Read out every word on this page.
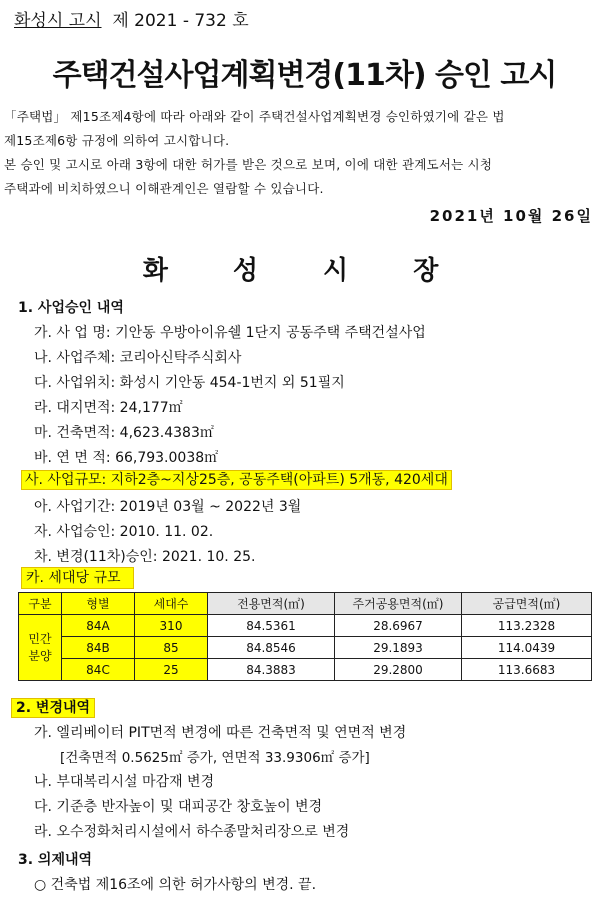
화성시 고시 제 2021 - 732 호
주택건설사업계획변경(11차) 승인 고시
「주택법」 제15조제4항에 따라 아래와 같이 주택건설사업계획변경 승인하였기에 같은 법
제15조제6항 규정에 의하여 고시합니다.
본 승인 및 고시로 아래 3항에 대한 허가를 받은 것으로 보며, 이에 대한 관계도서는 시청
주택과에 비치하였으니 이해관계인은 열람할 수 있습니다.
2021년 10월 26일
화 성 시 장
1. 사업승인 내역
가. 사 업 명: 기안동 우방아이유쉘 1단지 공동주택 주택건설사업
나. 사업주체: 코리아신탁주식회사
다. 사업위치: 화성시 기안동 454-1번지 외 51필지
라. 대지면적: 24,177㎡
마. 건축면적: 4,623.4383㎡
바. 연 면 적: 66,793.0038㎡
사. 사업규모: 지하2층~지상25층, 공동주택(아파트) 5개동, 420세대
아. 사업기간: 2019년 03월 ~ 2022년 3월
자. 사업승인: 2010. 11. 02.
차. 변경(11차)승인: 2021. 10. 25.
카. 세대당 규모
구분	형별	세대수	전용면적(㎡)	주거공용면적(㎡)	공급면적(㎡)
민간
분양	84A	310	84.5361	28.6967	113.2328
	84B	85	84.8546	29.1893	114.0439
	84C	25	84.3883	29.2800	113.6683
2. 변경내역
가. 엘리베이터 PIT면적 변경에 따른 건축면적 및 연면적 변경
[건축면적 0.5625㎡ 증가, 연면적 33.9306㎡ 증가]
나. 부대복리시설 마감재 변경
다. 기준층 반자높이 및 대피공간 창호높이 변경
라. 오수정화처리시설에서 하수종말처리장으로 변경
3. 의제내역
○ 건축법 제16조에 의한 허가사항의 변경. 끝.
